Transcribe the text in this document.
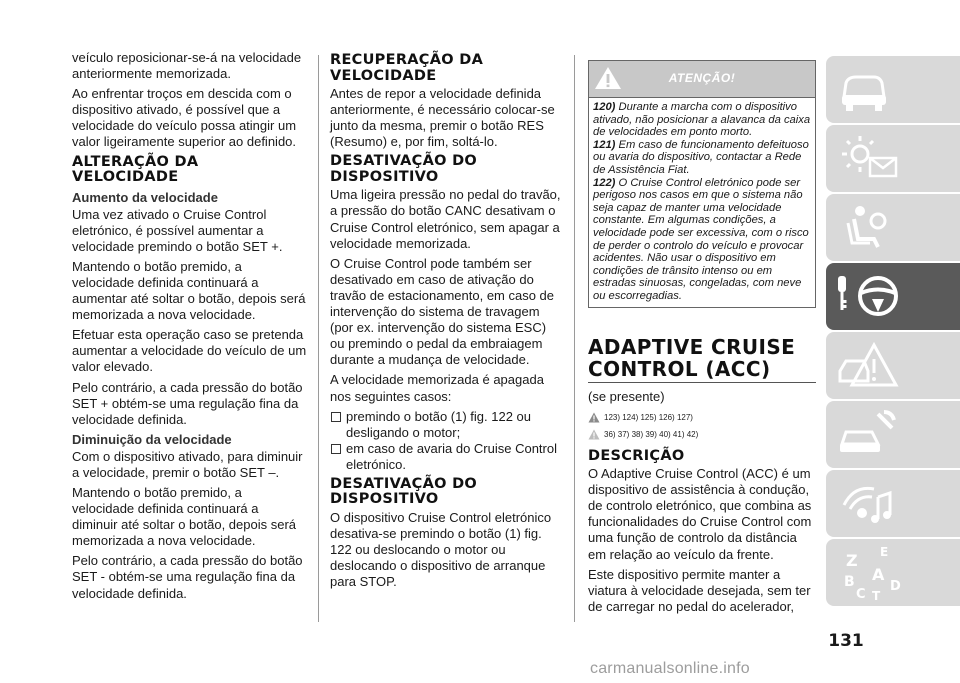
veículo reposicionar-se-á na velocidade anteriormente memorizada.

Ao enfrentar troços em descida com o dispositivo ativado, é possível que a velocidade do veículo possa atingir um valor ligeiramente superior ao definido.

ALTERAÇÃO DA VELOCIDADE
Aumento da velocidade

Uma vez ativado o Cruise Control eletrónico, é possível aumentar a velocidade premindo o botão SET +.

Mantendo o botão premido, a velocidade definida continuará a aumentar até soltar o botão, depois será memorizada a nova velocidade.

Efetuar esta operação caso se pretenda aumentar a velocidade do veículo de um valor elevado.

Pelo contrário, a cada pressão do botão SET + obtém-se uma regulação fina da velocidade definida.

Diminuição da velocidade

Com o dispositivo ativado, para diminuir a velocidade, premir o botão SET –.

Mantendo o botão premido, a velocidade definida continuará a diminuir até soltar o botão, depois será memorizada a nova velocidade.

Pelo contrário, a cada pressão do botão SET - obtém-se uma regulação fina da velocidade definida.

RECUPERAÇÃO DA VELOCIDADE

Antes de repor a velocidade definida anteriormente, é necessário colocar-se junto da mesma, premir o botão RES (Resumo) e, por fim, soltá-lo.

DESATIVAÇÃO DO DISPOSITIVO

Uma ligeira pressão no pedal do travão, a pressão do botão CANC desativam o Cruise Control eletrónico, sem apagar a velocidade memorizada.

O Cruise Control pode também ser desativado em caso de ativação do travão de estacionamento, em caso de intervenção do sistema de travagem (por ex. intervenção do sistema ESC) ou premindo o pedal da embraiagem durante a mudança de velocidade.

A velocidade memorizada é apagada nos seguintes casos:

premindo o botão (1) fig. 122 ou desligando o motor;
em caso de avaria do Cruise Control eletrónico.
DESATIVAÇÃO DO DISPOSITIVO

O dispositivo Cruise Control eletrónico desativa-se premindo o botão (1) fig. 122 ou deslocando o motor ou deslocando o dispositivo de arranque para STOP.

ATENÇÃO!

120) Durante a marcha com o dispositivo ativado, não posicionar a alavanca da caixa de velocidades em ponto morto.

121) Em caso de funcionamento defeituoso ou avaria do dispositivo, contactar a Rede de Assistência Fiat.

122) O Cruise Control eletrónico pode ser perigoso nos casos em que o sistema não seja capaz de manter uma velocidade constante. Em algumas condições, a velocidade pode ser excessiva, com o risco de perder o controlo do veículo e provocar acidentes. Não usar o dispositivo em condições de trânsito intenso ou em estradas sinuosas, congeladas, com neve ou escorregadias.

ADAPTIVE CRUISE CONTROL (ACC)

(se presente)

123) 124) 125) 126) 127)
36) 37) 38) 39) 40) 41) 42)
DESCRIÇÃO

O Adaptive Cruise Control (ACC) é um dispositivo de assistência à condução, de controlo eletrónico, que combina as funcionalidades do Cruise Control com uma função de controlo da distância em relação ao veículo da frente.

Este dispositivo permite manter a viatura à velocidade desejada, sem ter de carregar no pedal do acelerador,

Z E
B A
C T
D
131
carmanualsonline.info
